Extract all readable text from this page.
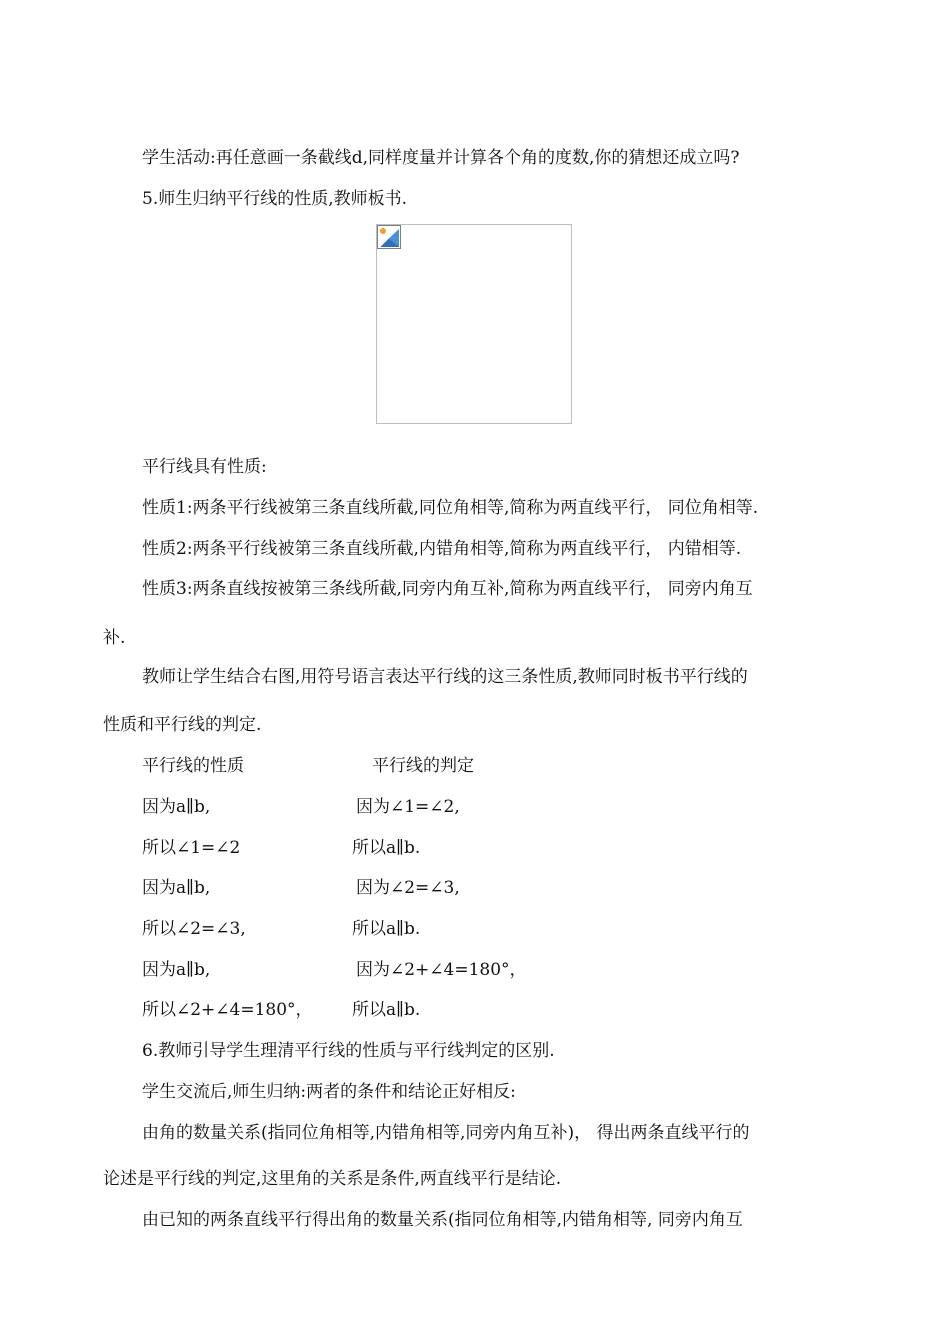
学生活动:再任意画一条截线d,同样度量并计算各个角的度数,你的猜想还成立吗?
5.师生归纳平行线的性质,教师板书.
平行线具有性质:
性质1:两条平行线被第三条直线所截,同位角相等,简称为两直线平行， 同位角相等.
性质2:两条平行线被第三条直线所截,内错角相等,简称为两直线平行， 内错相等.
性质3:两条直线按被第三条线所截,同旁内角互补,简称为两直线平行， 同旁内角互
补.
教师让学生结合右图,用符号语言表达平行线的这三条性质,教师同时板书平行线的
性质和平行线的判定.
平行线的性质	平行线的判定
因为a∥b,	因为∠1=∠2,
所以∠1=∠2	所以a∥b.
因为a∥b,	因为∠2=∠3,
所以∠2=∠3,	所以a∥b.
因为a∥b,	因为∠2+∠4=180°，
所以∠2+∠4=180°， 所以a∥b.
6.教师引导学生理清平行线的性质与平行线判定的区别.
学生交流后,师生归纳:两者的条件和结论正好相反:
由角的数量关系(指同位角相等,内错角相等,同旁内角互补)， 得出两条直线平行的
论述是平行线的判定,这里角的关系是条件,两直线平行是结论.
由已知的两条直线平行得出角的数量关系(指同位角相等,内错角相等, 同旁内角互
